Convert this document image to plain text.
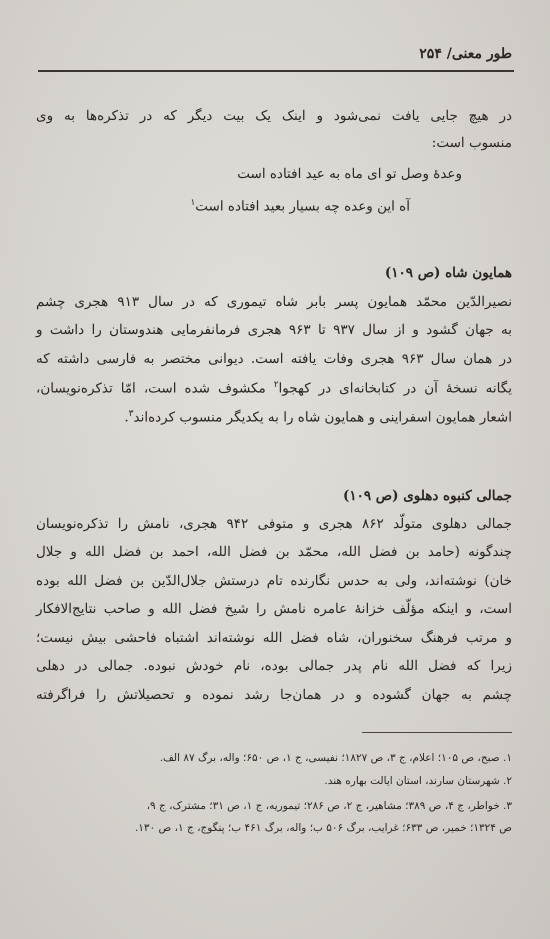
طور معنی/ ۲۵۴
در هیچ جایی یافت نمی‌شود و اینک یک بیت دیگر که در تذکره‌ها به وی
منسوب است:
وعدهٔ وصل تو ای ماه به عید افتاده است
آه این وعده چه بسیار بعید افتاده است$^۱$
همایون شاه (ص ۱۰۹)
نصیرالدّین محمّد همایون پسر بابر شاه تیموری که در سال ۹۱۳ هجری چشم
به جهان گشود و از سال ۹۳۷ تا ۹۶۳ هجری فرمانفرمایی هندوستان را داشت و
در همان سال ۹۶۳ هجری وفات یافته است. دیوانی مختصر به فارسی داشته که
یگانه نسخهٔ آن در کتابخانه‌ای در کهجوا$^۲$ مکشوف شده است، امّا تذکره‌نویسان،
اشعار همایون اسفراینی و همایون شاه را به یکدیگر منسوب کرده‌اند$^۳$.
جمالی کنبوه دهلوی (ص ۱۰۹)
جمالی دهلوی متولّد ۸۶۲ هجری و متوفی ۹۴۲ هجری، نامش را تذکره‌نویسان
چندگونه (حامد بن فضل الله، محمّد بن فضل الله، احمد بن فضل الله و جلال
خان) نوشته‌اند، ولی به حدس نگارنده تام درستش جلال‌الدّین بن فضل الله بوده
است، و اینکه مؤلّف خزانهٔ عامره نامش را شیخ فضل الله و صاحب نتایج‌الافکار
و مرتب فرهنگ سخنوران، شاه فضل الله نوشته‌اند اشتباه فاحشی بیش نیست؛
زیرا که فضل الله نام پدر جمالی بوده، نام خودش نبوده. جمالی در دهلی
چشم به جهان گشوده و در همان‌جا رشد نموده و تحصیلاتش را فراگرفته
۱. صبح، ص ۱۰۵؛ اعلام، ج ۳، ص ۱۸۲۷؛ نفیسی، ج ۱، ص ۶۵۰؛ واله، برگ ۸۷ الف.
۲. شهرستان سارند، استان ایالت بهاره هند.
۳. خواطر، ج ۴، ص ۳۸۹؛ مشاهیر، ج ۲، ص ۲۸۶؛ تیموریه، ج ۱، ص ۳۱؛ مشترک، ج ۹،
ص ۱۳۲۴؛ خمیر، ص ۶۳۳؛ غرایب، برگ ۵۰۶ ب؛ واله، برگ ۴۶۱ ب؛ پنگوج، ج ۱، ص ۱۳۰.
